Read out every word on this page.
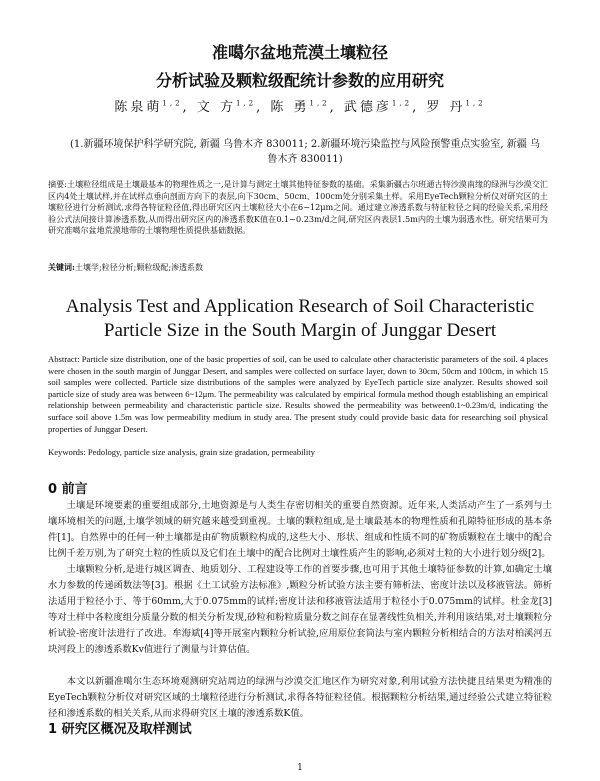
准噶尔盆地荒漠土壤粒径
分析试验及颗粒级配统计参数的应用研究
陈泉萌$^{1,2}$, 文 方$^{1,2}$, 陈 勇$^{1,2}$, 武德彦$^{1,2}$, 罗 丹$^{1,2}$
(1.新疆环境保护科学研究院, 新疆 乌鲁木齐 830011; 2.新疆环境污染监控与风险预警重点实验室, 新疆 乌鲁木齐 830011)
摘要:土壤粒径组成是土壤最基本的物理性质之一,是计算与测定土壤其他特征参数的基础。采集新疆古尔班通古特沙漠南缘的绿洲与沙漠交汇区内4处土壤试样,并在试样点垂向剖面方向下的表层,向下30cm、50cm、100cm处分别采集土样。采用EyeTech颗粒分析仪对研究区的土壤粒径进行分析测试,求得各特征粒径值,得出研究区内土壤粒径大小在6~12μm之间。通过建立渗透系数与特征粒径之间的经验关系,采用经验公式法间接计算渗透系数,从而得出研究区内的渗透系数K值在0.1~0.23m/d之间,研究区内表层1.5m内的土壤为弱透水性。研究结果可为研究准噶尔盆地荒漠地带的土壤物理性质提供基础数据。
关键词:土壤学;粒径分析;颗粒级配;渗透系数
Analysis Test and Application Research of Soil Characteristic
Particle Size in the South Margin of Junggar Desert
Abstract: Particle size distribution, one of the basic properties of soil, can be used to calculate other characteristic parameters of the soil. 4 places were chosen in the south margin of Junggar Desert, and samples were collected on surface layer, down to 30cm, 50cm and 100cm, in which 15 soil samples were collected. Particle size distributions of the samples were analyzed by EyeTech particle size analyzer. Results showed soil particle size of study area was between 6~12μm. The permeability was calculated by empirical formula method though establishing an empirical relationship between permeability and characteristic particle size. Results showed the permeability was between0.1~0.23m/d, indicating the surface soil above 1.5m was low permeability medium in study area. The present study could provide basic data for researching soil physical properties of Junggar Desert.
Keywords: Pedology, particle size analysis, grain size gradation, permeability
0 前言
土壤是环境要素的重要组成部分,土地资源是与人类生存密切相关的重要自然资源。近年来,人类活动产生了一系列与土壤环境相关的问题,土壤学领域的研究越来越受到重视。土壤的颗粒组成,是土壤最基本的物理性质和孔隙特征形成的基本条件[1]。自然界中的任何一种土壤都是由矿物质颗粒构成的,这些大小、形状、组成和性质不同的矿物质颗粒在土壤中的配合比例千差万别,为了研究土粒的性质以及它们在土壤中的配合比例对土壤性质产生的影响,必须对土粒的大小进行划分级[2]。
土壤颗粒分析,是进行城区调查、地质划分、工程建设等工作的首要步骤,也可用于其他土壤特征参数的计算,如确定土壤水力参数的传递函数法等[3]。根据《土工试验方法标准》,颗粒分析试验方法主要有筛析法、密度计法以及移液管法。筛析法适用于粒径小于、等于60mm,大于0.075mm的试样;密度计法和移液管法适用于粒径小于0.075mm的试样。杜金龙[3]等对土样中各粒度组分质量分数的相关分析发现,砂粒和粉粒质量分数之间存在显著线性负相关,并利用该结果,对土壤颗粒分析试验-密度计法进行了改进。牟海斌[4]等开展室内颗粒分析试验,应用原位套筒法与室内颗粒分析相结合的方法对柏溪河五块河段上的渗透系数Kv值进行了测量与计算估值。
本文以新疆准噶尔生态环境观测研究站周边的绿洲与沙漠交汇地区作为研究对象,利用试验方法快捷且结果更为精准的EyeTech颗粒分析仪对研究区域的土壤粒径进行分析测试,求得各特征粒径值。根据颗粒分析结果,通过经验公式建立特征粒径和渗透系数的相关关系,从而求得研究区土壤的渗透系数K值。
1 研究区概况及取样测试
1
